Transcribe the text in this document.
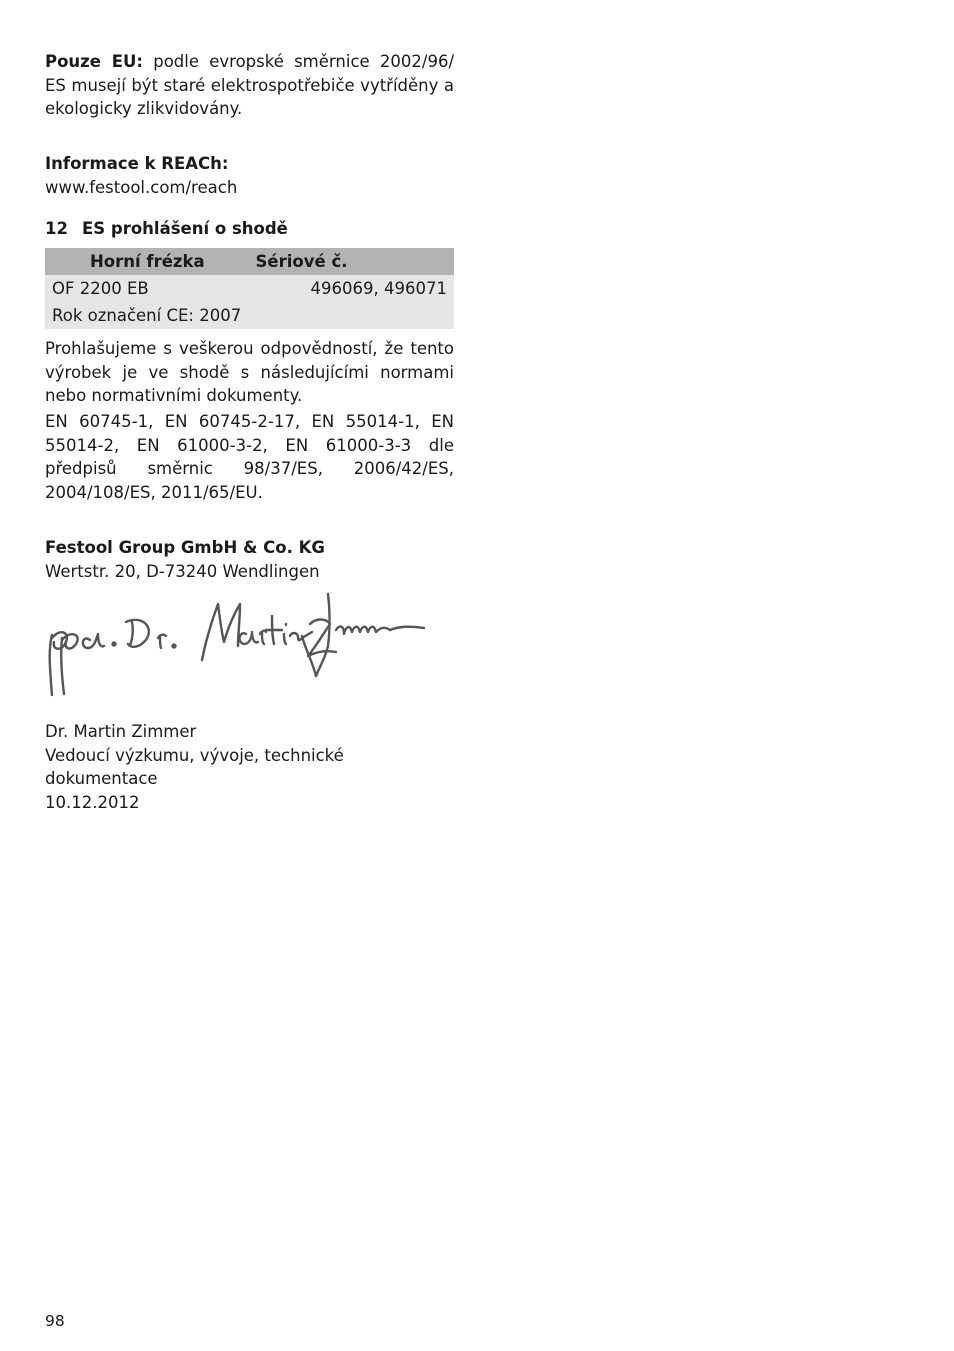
Pouze EU: podle evropské směrnice 2002/96/ ES musejí být staré elektrospotřebiče vytříděny a ekologicky zlikvidovány.

Informace k REACh:
www.festool.com/reach
12 ES prohlášení o shodě
Horní frézka	Sériové č.
OF 2200 EB	496069, 496071
Rok označení CE: 2007	

Prohlašujeme s veškerou odpovědností, že tento výrobek je ve shodě s následujícími normami nebo normativními dokumenty.

EN 60745-1, EN 60745-2-17, EN 55014-1, EN 55014-2, EN 61000-3-2, EN 61000-3-3 dle předpisů směrnic 98/37/ES, 2006/42/ES, 2004/108/ES, 2011/65/EU.

Festool Group GmbH & Co. KG
Wertstr. 20, D-73240 Wendlingen
Dr. Martin Zimmer
Vedoucí výzkumu, vývoje, technické dokumentace
10.12.2012
98
